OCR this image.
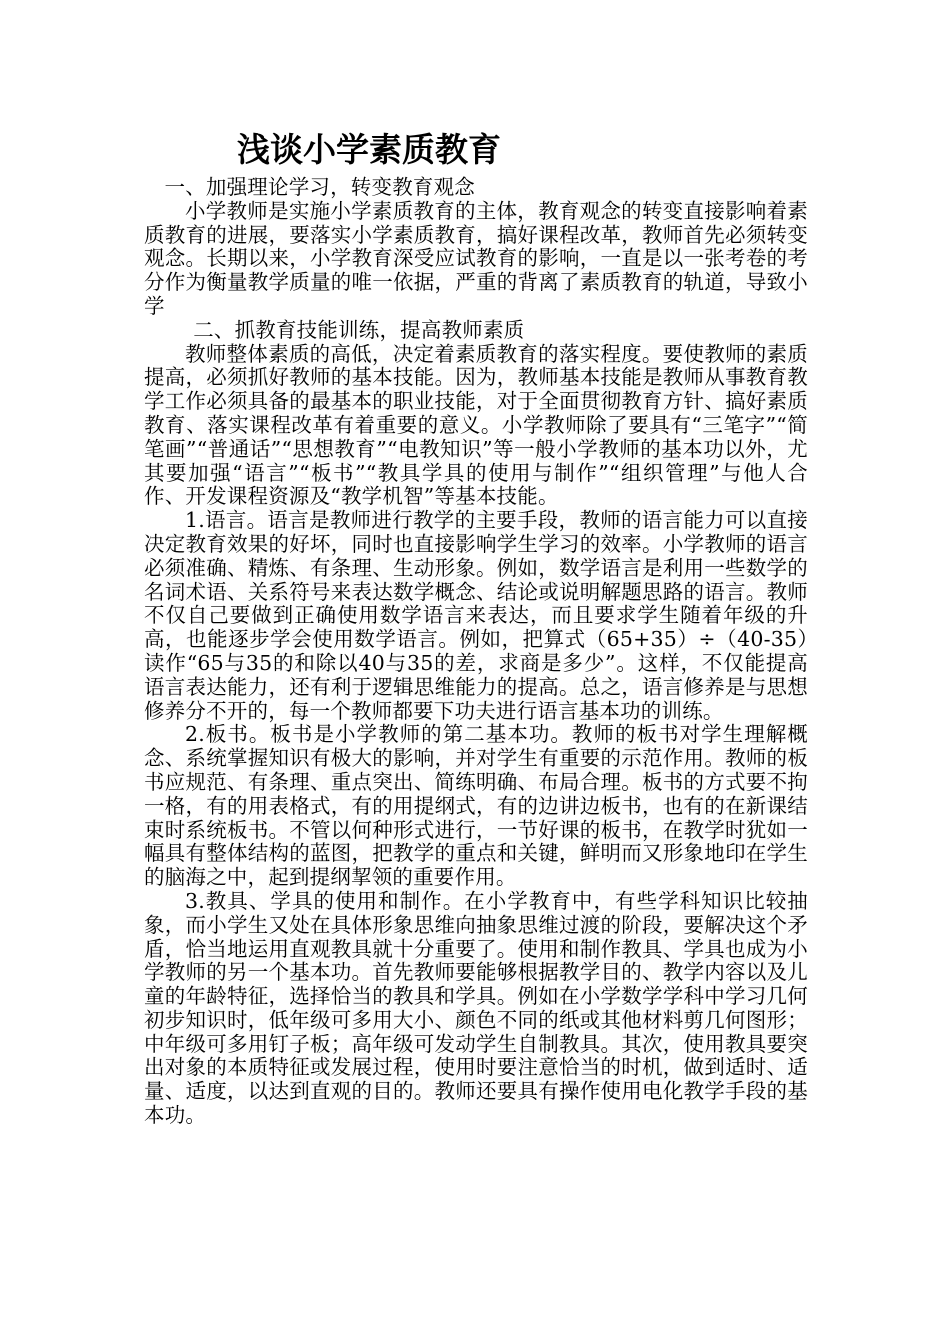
浅谈小学素质教育

一、加强理论学习，转变教育观念

小学教师是实施小学素质教育的主体，教育观念的转变直接影响着素质教育的进展，要落实小学素质教育，搞好课程改革，教师首先必须转变观念。长期以来，小学教育深受应试教育的影响，一直是以一张考卷的考分作为衡量教学质量的唯一依据，严重的背离了素质教育的轨道，导致小学

二、抓教育技能训练，提高教师素质

教师整体素质的高低，决定着素质教育的落实程度。要使教师的素质提高，必须抓好教师的基本技能。因为，教师基本技能是教师从事教育教学工作必须具备的最基本的职业技能，对于全面贯彻教育方针、搞好素质教育、落实课程改革有着重要的意义。小学教师除了要具有“三笔字”“简笔画”“普通话”“思想教育”“电教知识”等一般小学教师的基本功以外，尤其要加强“语言”“板书”“教具学具的使用与制作”“组织管理”与他人合作、开发课程资源及“教学机智”等基本技能。

1.语言。语言是教师进行教学的主要手段，教师的语言能力可以直接决定教育效果的好坏，同时也直接影响学生学习的效率。小学教师的语言必须准确、精炼、有条理、生动形象。例如，数学语言是利用一些数学的名词术语、关系符号来表达数学概念、结论或说明解题思路的语言。教师不仅自己要做到正确使用数学语言来表达，而且要求学生随着年级的升高，也能逐步学会使用数学语言。例如，把算式（65+35）÷（40-35）读作“65与35的和除以40与35的差，求商是多少”。这样，不仅能提高语言表达能力，还有利于逻辑思维能力的提高。总之，语言修养是与思想修养分不开的，每一个教师都要下功夫进行语言基本功的训练。

2.板书。板书是小学教师的第二基本功。教师的板书对学生理解概念、系统掌握知识有极大的影响，并对学生有重要的示范作用。教师的板书应规范、有条理、重点突出、简练明确、布局合理。板书的方式要不拘一格，有的用表格式，有的用提纲式，有的边讲边板书，也有的在新课结束时系统板书。不管以何种形式进行，一节好课的板书，在教学时犹如一幅具有整体结构的蓝图，把教学的重点和关键，鲜明而又形象地印在学生的脑海之中，起到提纲挈领的重要作用。

3.教具、学具的使用和制作。在小学教育中，有些学科知识比较抽象，而小学生又处在具体形象思维向抽象思维过渡的阶段，要解决这个矛盾，恰当地运用直观教具就十分重要了。使用和制作教具、学具也成为小学教师的另一个基本功。首先教师要能够根据教学目的、教学内容以及儿童的年龄特征，选择恰当的教具和学具。例如在小学数学学科中学习几何初步知识时，低年级可多用大小、颜色不同的纸或其他材料剪几何图形；中年级可多用钉子板；高年级可发动学生自制教具。其次，使用教具要突出对象的本质特征或发展过程，使用时要注意恰当的时机，做到适时、适量、适度，以达到直观的目的。教师还要具有操作使用电化教学手段的基本功。
